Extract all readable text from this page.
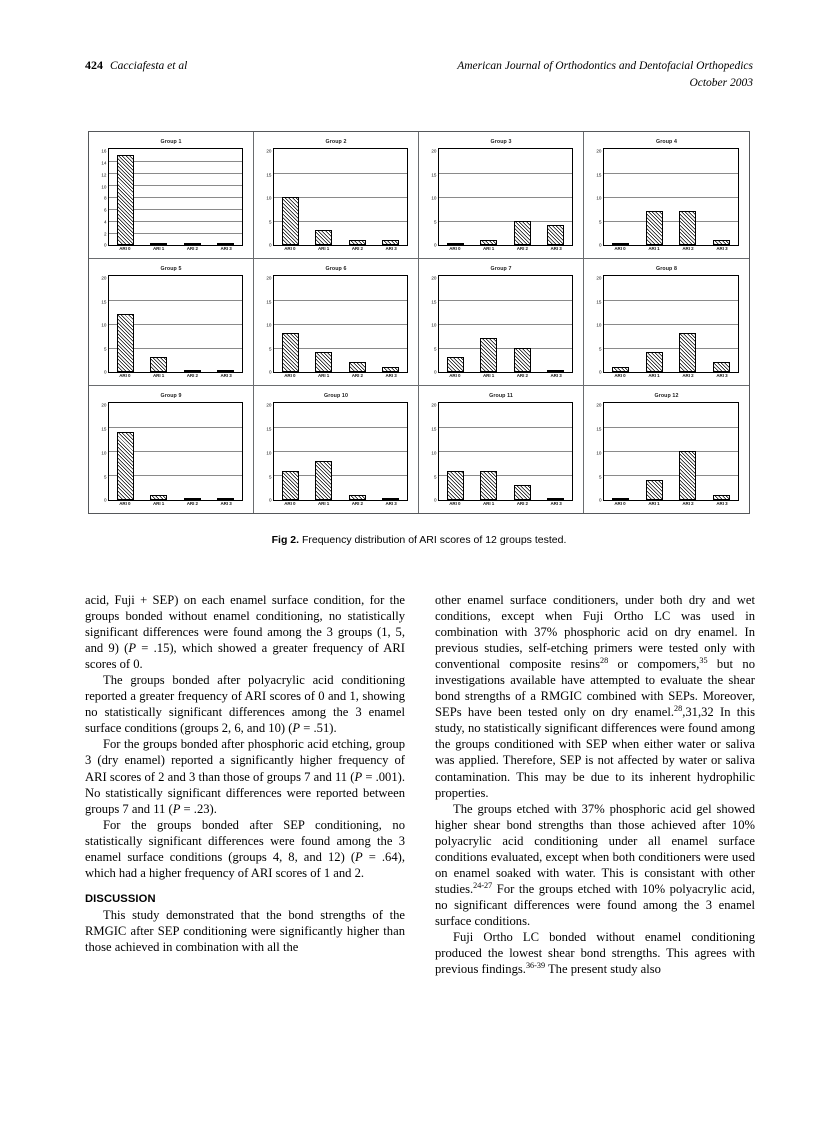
424 Cacciafesta et al	American Journal of Orthodontics and Dentofacial Orthopedics
October 2003
Group 1
16
14
12
10
8
6
4
2
0
ARI 0	ARI 1	ARI 2	ARI 3
Group 2
20
15
10
5
0
ARI 0	ARI 1	ARI 2	ARI 3
Group 3
20
15
10
5
0
ARI 0	ARI 1	ARI 2	ARI 3
Group 4
20
15
10
5
0
ARI 0	ARI 1	ARI 2	ARI 3
Group 5
20
15
10
5
0
ARI 0	ARI 1	ARI 2	ARI 3
Group 6
20
15
10
5
0
ARI 0	ARI 1	ARI 2	ARI 3
Group 7
20
15
10
5
0
ARI 0	ARI 1	ARI 2	ARI 3
Group 8
20
15
10
5
0
ARI 0	ARI 1	ARI 2	ARI 3
Group 9
20
15
10
5
0
ARI 0	ARI 1	ARI 2	ARI 3
Group 10
20
15
10
5
0
ARI 0	ARI 1	ARI 2	ARI 3
Group 11
20
15
10
5
0
ARI 0	ARI 1	ARI 2	ARI 3
Group 12
20
15
10
5
0
ARI 0	ARI 1	ARI 2	ARI 3
Fig 2. Frequency distribution of ARI scores of 12 groups tested.

acid, Fuji + SEP) on each enamel surface condition, for the groups bonded without enamel conditioning, no statistically significant differences were found among the 3 groups (1, 5, and 9) (P = .15), which showed a greater frequency of ARI scores of 0.

The groups bonded after polyacrylic acid conditioning reported a greater frequency of ARI scores of 0 and 1, showing no statistically significant differences among the 3 enamel surface conditions (groups 2, 6, and 10) (P = .51).

For the groups bonded after phosphoric acid etching, group 3 (dry enamel) reported a significantly higher frequency of ARI scores of 2 and 3 than those of groups 7 and 11 (P = .001). No statistically significant differences were reported between groups 7 and 11 (P = .23).

For the groups bonded after SEP conditioning, no statistically significant differences were found among the 3 enamel surface conditions (groups 4, 8, and 12) (P = .64), which had a higher frequency of ARI scores of 1 and 2.

DISCUSSION

This study demonstrated that the bond strengths of the RMGIC after SEP conditioning were significantly higher than those achieved in combination with all the

other enamel surface conditioners, under both dry and wet conditions, except when Fuji Ortho LC was used in combination with 37% phosphoric acid on dry enamel. In previous studies, self-etching primers were tested only with conventional composite resins$^{28}$ or compomers,$^{35}$ but no investigations available have attempted to evaluate the shear bond strengths of a RMGIC combined with SEPs. Moreover, SEPs have been tested only on dry enamel.$^{28}$,31,32 In this study, no statistically significant differences were found among the groups conditioned with SEP when either water or saliva was applied. Therefore, SEP is not affected by water or saliva contamination. This may be due to its inherent hydrophilic properties.

The groups etched with 37% phosphoric acid gel showed higher shear bond strengths than those achieved after 10% polyacrylic acid conditioning under all enamel surface conditions evaluated, except when both conditioners were used on enamel soaked with water. This is consistant with other studies.$^{24-27}$ For the groups etched with 10% polyacrylic acid, no significant differences were found among the 3 enamel surface conditions.

Fuji Ortho LC bonded without enamel conditioning produced the lowest shear bond strengths. This agrees with previous findings.$^{36-39}$ The present study also
